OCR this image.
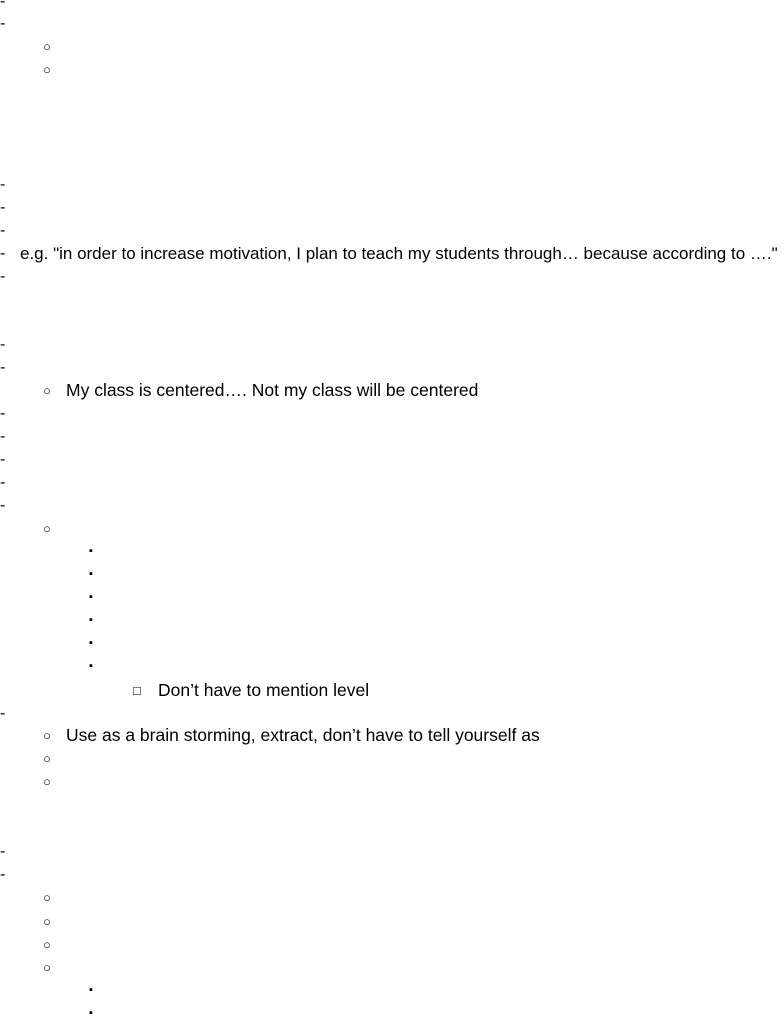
-
-
○
○
-
-
-
- e.g. "in order to increase motivation, I plan to teach my students through… because according to …."
-
-
-
○ My class is centered…. Not my class will be centered
-
-
-
-
-
○
▪
▪
▪
▪
▪
▪
□ Don’t have to mention level
-
○ Use as a brain storming, extract, don’t have to tell yourself as
○
○
-
-
○
○
○
○
▪
▪
